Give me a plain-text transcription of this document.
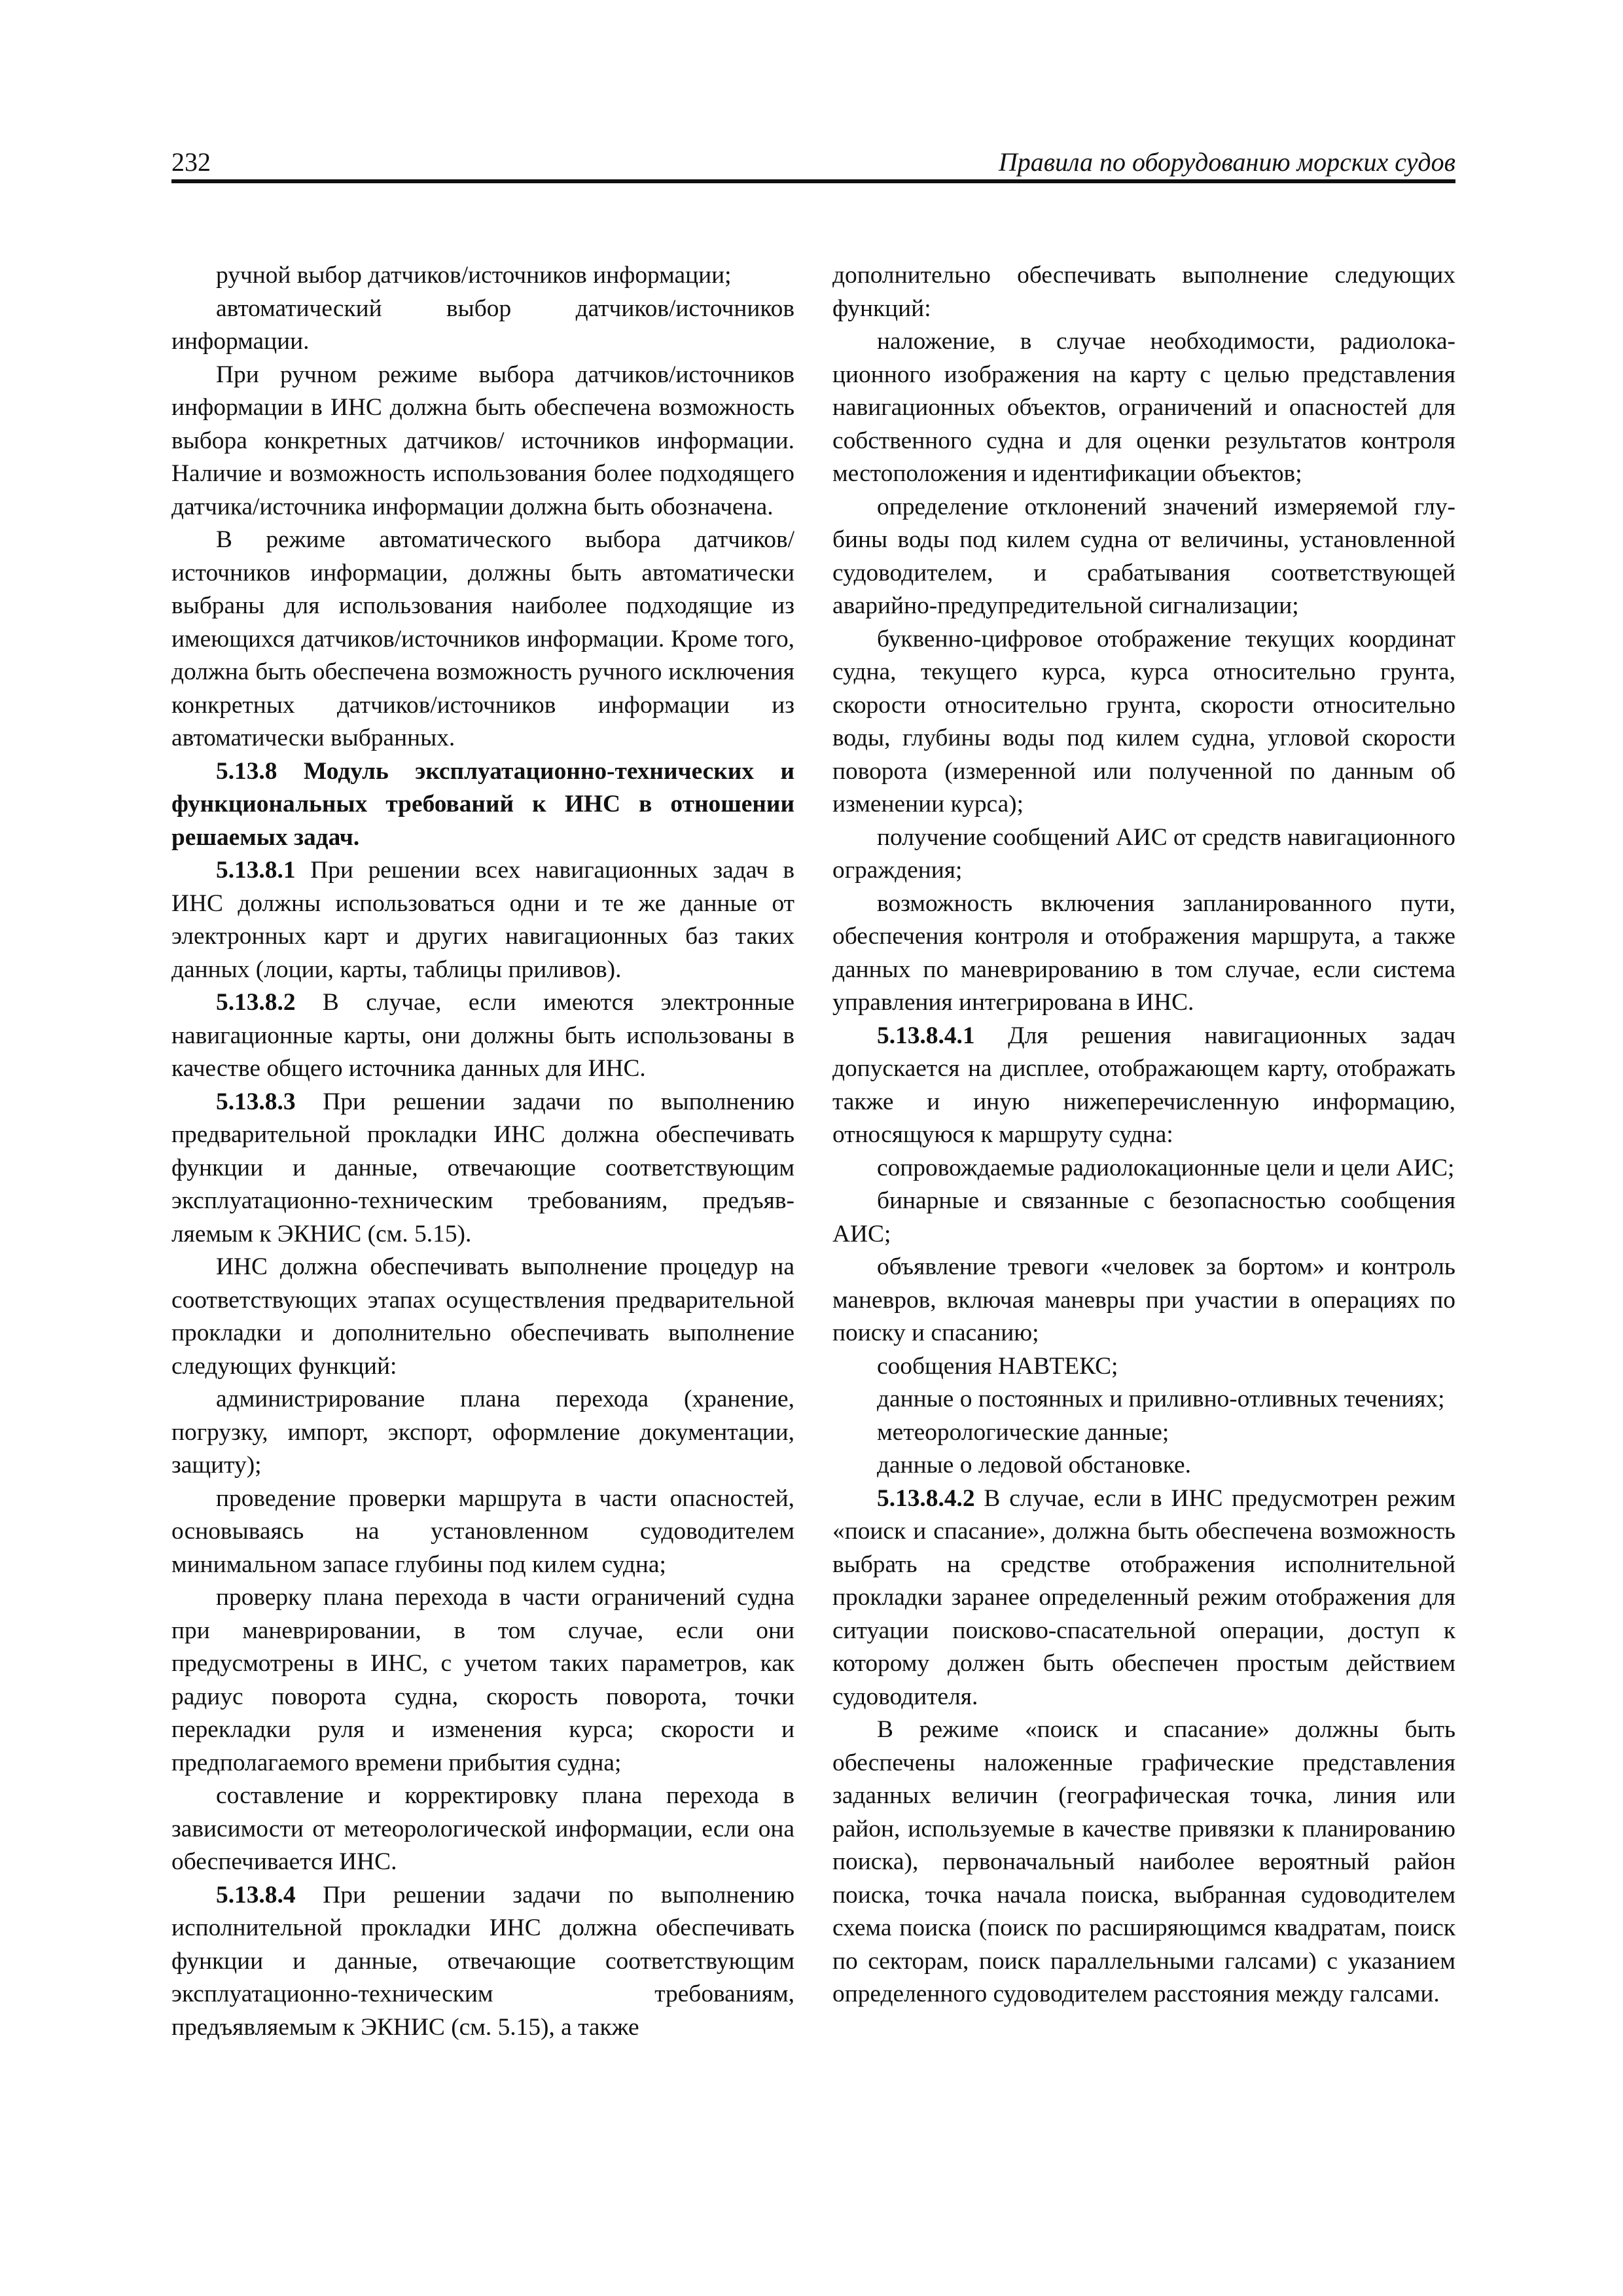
232	Правила по оборудованию морских судов

ручной выбор датчиков/источников информации;

автоматический выбор датчиков/источников информации.

При ручном режиме выбора датчиков/источников информации в ИНС должна быть обеспечена возможность выбора конкретных датчиков/ источников информации. Наличие и возможность использования более подходящего датчика/источника информации должна быть обозначена.

В режиме автоматического выбора датчиков/ источников информации, должны быть автоматически выбраны для использования наиболее подходящие из имеющихся датчиков/источников информации. Кроме того, должна быть обеспечена возможность ручного исключения конкретных датчиков/источников информации из автоматически выбранных.

5.13.8 Модуль эксплуатационно-технических и функциональных требований к ИНС в отношении решаемых задач.

5.13.8.1 При решении всех навигационных задач в ИНС должны использоваться одни и те же данные от электронных карт и других навигационных баз таких данных (лоции, карты, таблицы приливов).

5.13.8.2 В случае, если имеются электронные навигационные карты, они должны быть использованы в качестве общего источника данных для ИНС.

5.13.8.3 При решении задачи по выполнению предварительной прокладки ИНС должна обеспечивать функции и данные, отвечающие соответствующим эксплуатационно-техническим требованиям, предъявляемым к ЭКНИС (см. 5.15).

ИНС должна обеспечивать выполнение процедур на соответствующих этапах осуществления предварительной прокладки и дополнительно обеспечивать выполнение следующих функций:

администрирование плана перехода (хранение, погрузку, импорт, экспорт, оформление документации, защиту);

проведение проверки маршрута в части опасностей, основываясь на установленном судоводителем минимальном запасе глубины под килем судна;

проверку плана перехода в части ограничений судна при маневрировании, в том случае, если они предусмотрены в ИНС, с учетом таких параметров, как радиус поворота судна, скорость поворота, точки перекладки руля и изменения курса; скорости и предполагаемого времени прибытия судна;

составление и корректировку плана перехода в зависимости от метеорологической информации, если она обеспечивается ИНС.

5.13.8.4 При решении задачи по выполнению исполнительной прокладки ИНС должна обеспечивать функции и данные, отвечающие соответствующим эксплуатационно-техническим требованиям, предъявляемым к ЭКНИС (см. 5.15), а также

дополнительно обеспечивать выполнение следующих функций:

наложение, в случае необходимости, радиолокационного изображения на карту с целью представления навигационных объектов, ограничений и опасностей для собственного судна и для оценки результатов контроля местоположения и идентификации объектов;

определение отклонений значений измеряемой глубины воды под килем судна от величины, установленной судоводителем, и срабатывания соответствующей аварийно-предупредительной сигнализации;

буквенно-цифровое отображение текущих координат судна, текущего курса, курса относительно грунта, скорости относительно грунта, скорости относительно воды, глубины воды под килем судна, угловой скорости поворота (измеренной или полученной по данным об изменении курса);

получение сообщений АИС от средств навигационного ограждения;

возможность включения запланированного пути, обеспечения контроля и отображения маршрута, а также данных по маневрированию в том случае, если система управления интегрирована в ИНС.

5.13.8.4.1 Для решения навигационных задач допускается на дисплее, отображающем карту, отображать также и иную нижеперечисленную информацию, относящуюся к маршруту судна:

сопровождаемые радиолокационные цели и цели АИС;

бинарные и связанные с безопасностью сообщения АИС;

объявление тревоги «человек за бортом» и контроль маневров, включая маневры при участии в операциях по поиску и спасанию;

сообщения НАВТЕКС;

данные о постоянных и приливно-отливных течениях;

метеорологические данные;

данные о ледовой обстановке.

5.13.8.4.2 В случае, если в ИНС предусмотрен режим «поиск и спасание», должна быть обеспечена возможность выбрать на средстве отображения исполнительной прокладки заранее определенный режим отображения для ситуации поисково-спасательной операции, доступ к которому должен быть обеспечен простым действием судоводителя.

В режиме «поиск и спасание» должны быть обеспечены наложенные графические представления заданных величин (географическая точка, линия или район, используемые в качестве привязки к планированию поиска), первоначальный наиболее вероятный район поиска, точка начала поиска, выбранная судоводителем схема поиска (поиск по расширяющимся квадратам, поиск по секторам, поиск параллельными галсами) с указанием определенного судоводителем расстояния между галсами.
